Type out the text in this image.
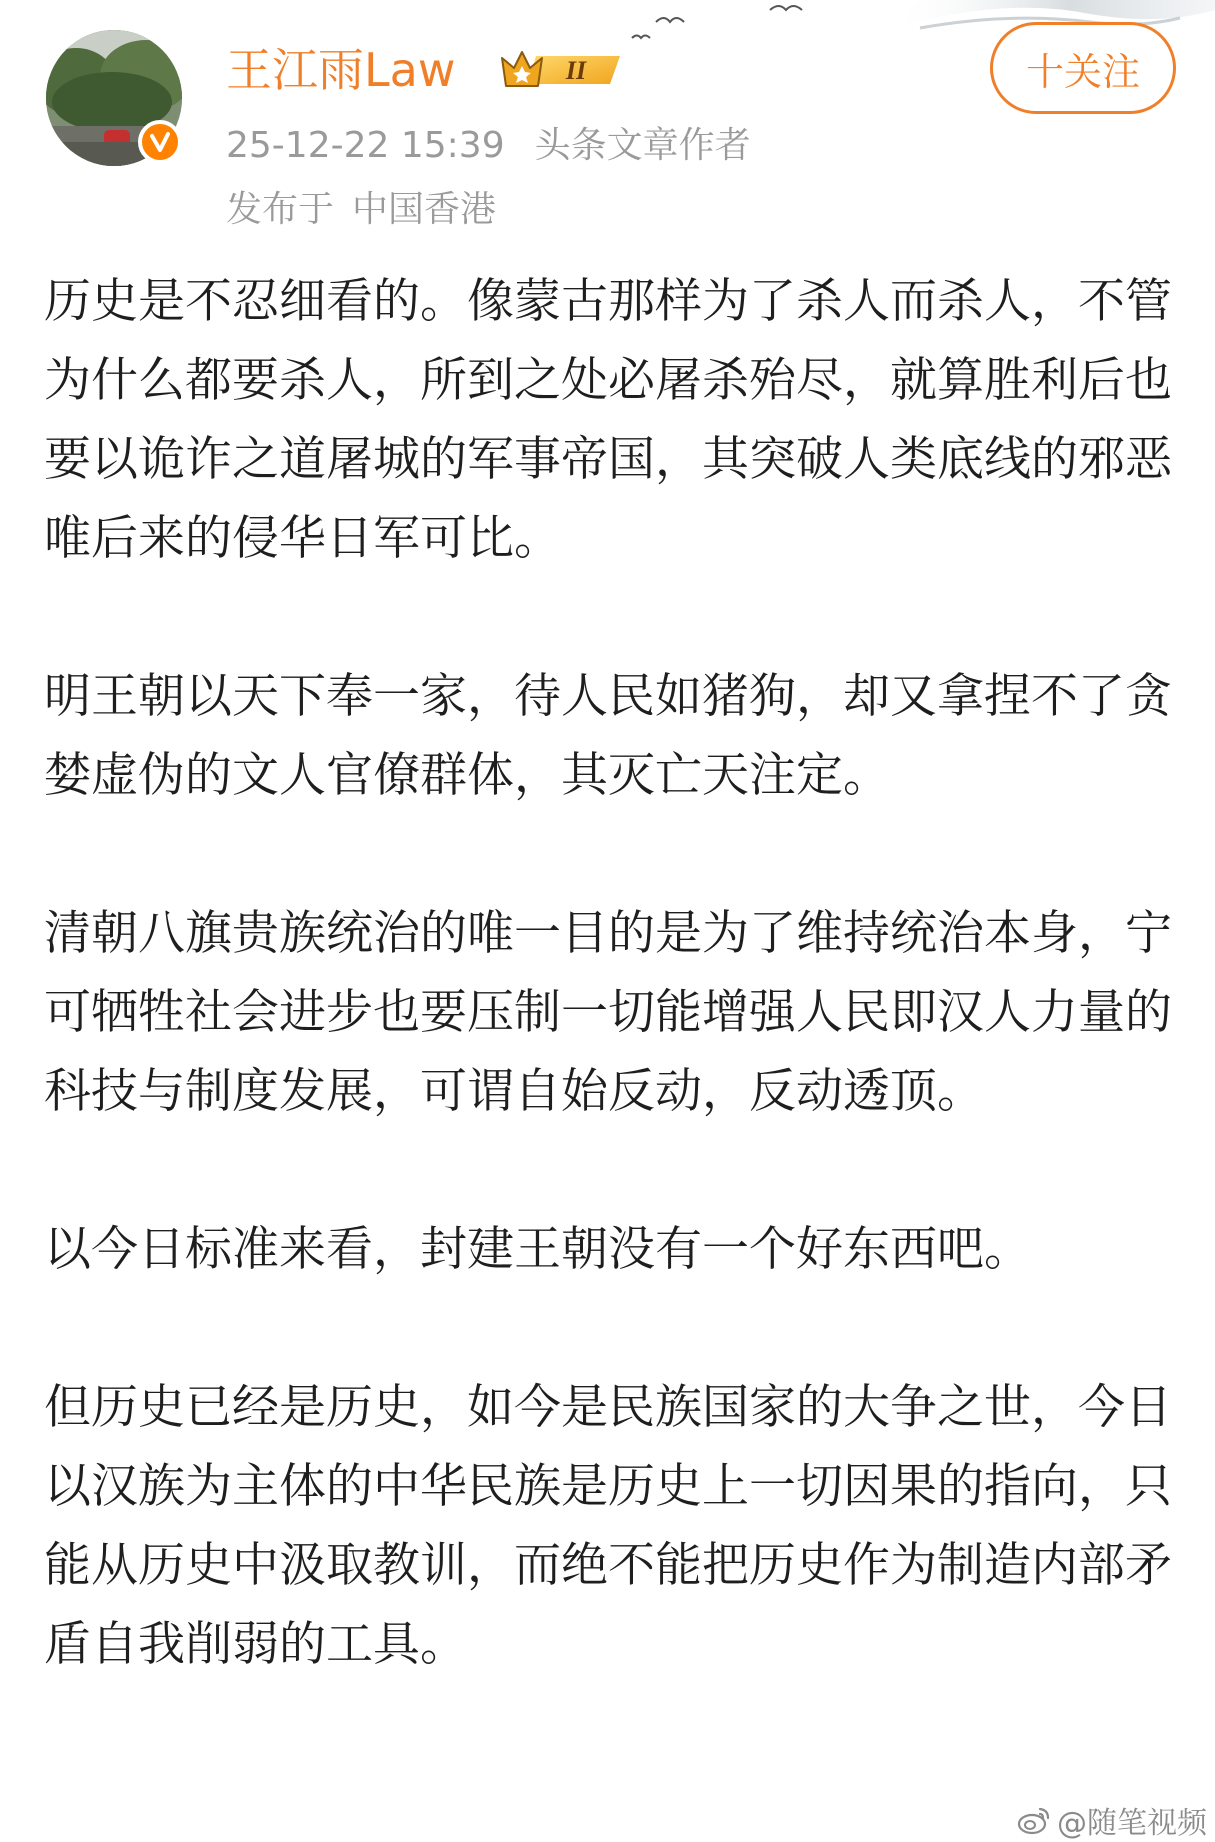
王江雨Law	II
25-12-22 15:39 头条文章作者
发布于 中国香港
十关注

历史是不忍细看的。像蒙古那样为了杀人而杀人，不管为什么都要杀人，所到之处必屠杀殆尽，就算胜利后也要以诡诈之道屠城的军事帝国，其突破人类底线的邪恶唯后来的侵华日军可比。

明王朝以天下奉一家，待人民如猪狗，却又拿捏不了贪婪虚伪的文人官僚群体，其灭亡天注定。

清朝八旗贵族统治的唯一目的是为了维持统治本身，宁可牺牲社会进步也要压制一切能增强人民即汉人力量的科技与制度发展，可谓自始反动，反动透顶。

以今日标准来看，封建王朝没有一个好东西吧。

但历史已经是历史，如今是民族国家的大争之世，今日以汉族为主体的中华民族是历史上一切因果的指向，只能从历史中汲取教训，而绝不能把历史作为制造内部矛盾自我削弱的工具。

@随笔视频
